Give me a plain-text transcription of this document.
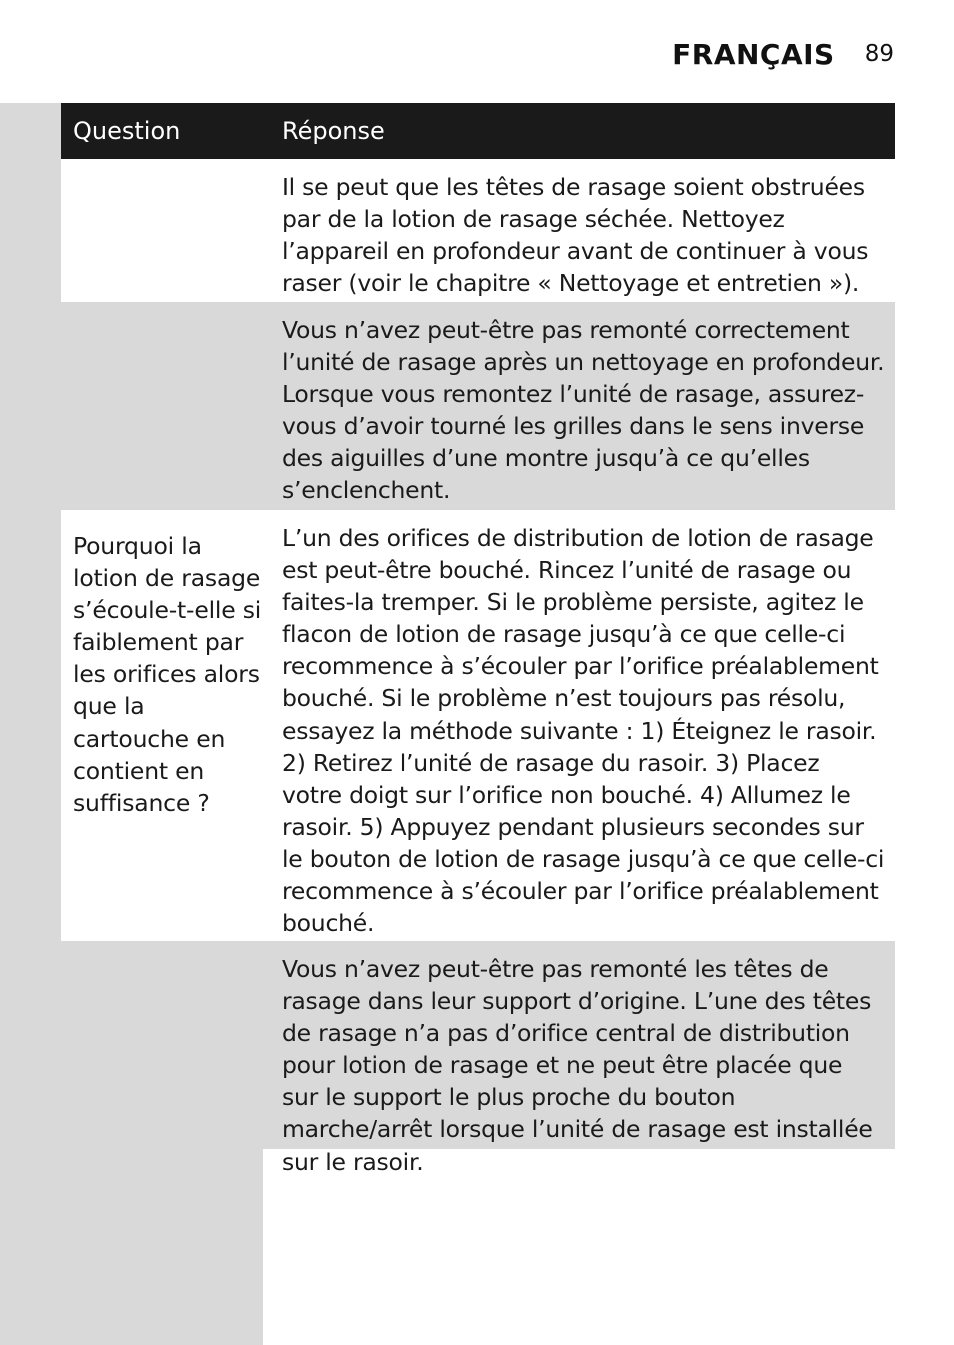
FRANÇAIS 89
Question	Réponse
Il se peut que les têtes de rasage soient obstruées par de la lotion de rasage séchée. Nettoyez l’appareil en profondeur avant de continuer à vous raser (voir le chapitre « Nettoyage et entretien »).
Vous n’avez peut-être pas remonté correctement l’unité de rasage après un nettoyage en profondeur. Lorsque vous remontez l’unité de rasage, assurez-vous d’avoir tourné les grilles dans le sens inverse des aiguilles d’une montre jusqu’à ce qu’elles s’enclenchent.
Pourquoi la lotion de rasage s’écoule-t-elle si faiblement par les orifices alors que la cartouche en contient en suffisance ?
L’un des orifices de distribution de lotion de rasage est peut-être bouché. Rincez l’unité de rasage ou faites-la tremper. Si le problème persiste, agitez le flacon de lotion de rasage jusqu’à ce que celle-ci recommence à s’écouler par l’orifice préalablement bouché. Si le problème n’est toujours pas résolu, essayez la méthode suivante : 1) Éteignez le rasoir. 2) Retirez l’unité de rasage du rasoir. 3) Placez votre doigt sur l’orifice non bouché. 4) Allumez le rasoir. 5) Appuyez pendant plusieurs secondes sur le bouton de lotion de rasage jusqu’à ce que celle-ci recommence à s’écouler par l’orifice préalablement bouché.
Vous n’avez peut-être pas remonté les têtes de rasage dans leur support d’origine. L’une des têtes de rasage n’a pas d’orifice central de distribution pour lotion de rasage et ne peut être placée que sur le support le plus proche du bouton marche/arrêt lorsque l’unité de rasage est installée sur le rasoir.
